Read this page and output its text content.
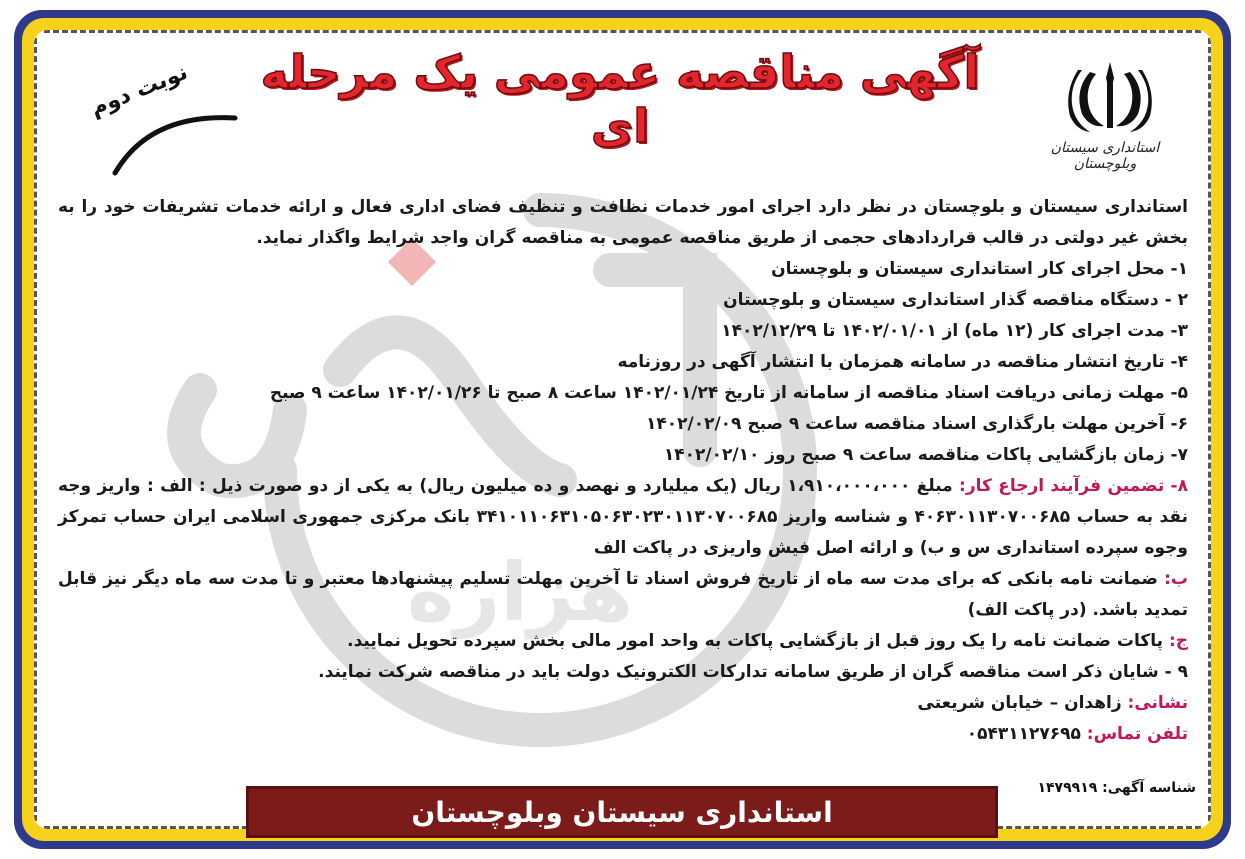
هزاره
آگهی مناقصه عمومی یک مرحله ای	استانداری سیستان وبلوچستان
نوبت دوم

استانداری سیستان و بلوچستان در نظر دارد اجرای امور خدمات نظافت و تنظیف فضای اداری فعال و ارائه خدمات تشریفات خود را به بخش غیر دولتی در قالب قراردادهای حجمی از طریق مناقصه عمومی به مناقصه گران واجد شرایط واگذار نماید.

۱- محل اجرای کار استانداری سیستان و بلوچستان

۲ - دستگاه مناقصه گذار استانداری سیستان و بلوچستان

۳- مدت اجرای کار (۱۲ ماه) از ۱۴۰۲/۰۱/۰۱ تا ۱۴۰۲/۱۲/۲۹

۴- تاریخ انتشار مناقصه در سامانه همزمان با انتشار آگهی در روزنامه

۵- مهلت زمانی دریافت اسناد مناقصه از سامانه از تاریخ ۱۴۰۲/۰۱/۲۴ ساعت ۸ صبح تا ۱۴۰۲/۰۱/۲۶ ساعت ۹ صبح

۶- آخرین مهلت بارگذاری اسناد مناقصه ساعت ۹ صبح ۱۴۰۲/۰۲/۰۹

۷- زمان بازگشایی پاکات مناقصه ساعت ۹ صبح روز ۱۴۰۲/۰۲/۱۰

۸- تضمین فرآیند ارجاع کار: مبلغ ۱،۹۱۰،۰۰۰،۰۰۰ ریال (یک میلیارد و نهصد و ده میلیون ریال) به یکی از دو صورت ذیل : الف : واریز وجه نقد به حساب ۴۰۶۳۰۱۱۳۰۷۰۰۶۸۵ و شناسه واریز ۳۴۱۰۱۱۰۶۳۱۰۵۰۶۳۰۲۳۰۱۱۳۰۷۰۰۶۸۵ بانک مرکزی جمهوری اسلامی ایران حساب تمرکز وجوه سپرده استانداری س و ب) و ارائه اصل فیش واریزی در پاکت الف

ب: ضمانت نامه بانکی که برای مدت سه ماه از تاریخ فروش اسناد تا آخرین مهلت تسلیم پیشنهادها معتبر و تا مدت سه ماه دیگر نیز قابل تمدید باشد. (در پاکت الف)

ج: پاکات ضمانت نامه را یک روز قبل از بازگشایی پاکات به واحد امور مالی بخش سپرده تحویل نمایید.

۹ - شایان ذکر است مناقصه گران از طریق سامانه تدارکات الکترونیک دولت باید در مناقصه شرکت نمایند.

نشانی: زاهدان – خیابان شریعتی

تلفن تماس: ۰۵۴۳۱۱۲۷۶۹۵

شناسه آگهی: ۱۴۷۹۹۱۹
استانداری سیستان وبلوچستان
